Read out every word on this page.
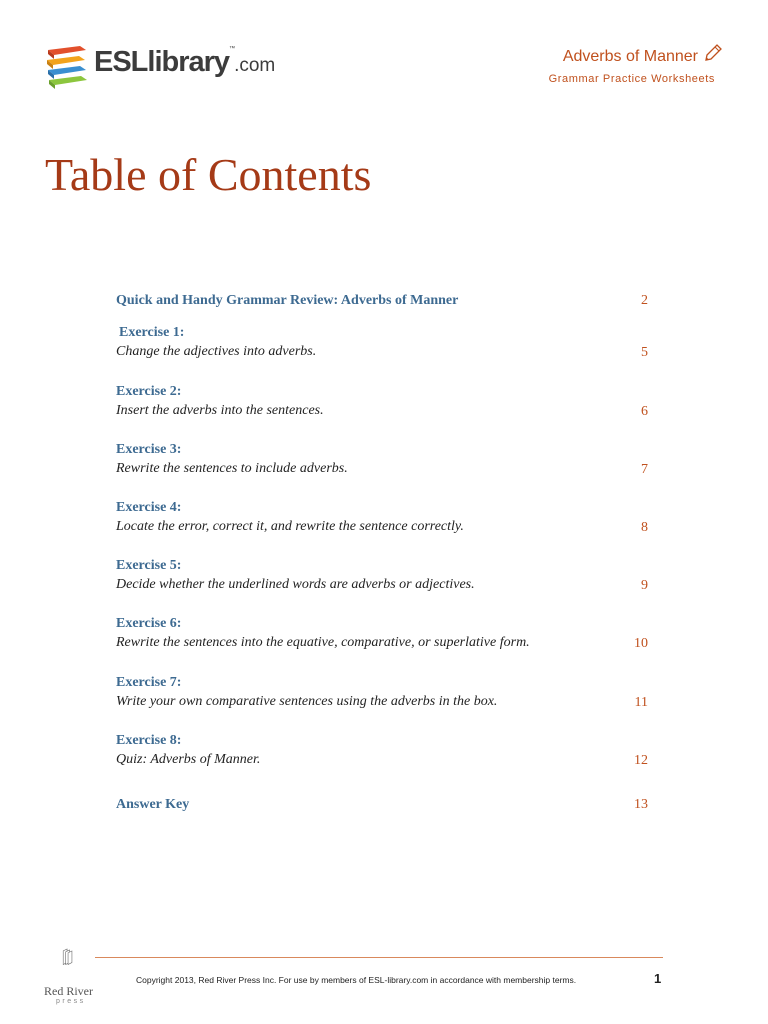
ESLlibrary™.com	Adverbs of Manner
Grammar Practice Worksheets
Table of Contents
Quick and Handy Grammar Review: Adverbs of Manner	2
Exercise 1:
Change the adjectives into adverbs.	5
Exercise 2:
Insert the adverbs into the sentences.	6
Exercise 3:
Rewrite the sentences to include adverbs.	7
Exercise 4:
Locate the error, correct it, and rewrite the sentence correctly.	8
Exercise 5:
Decide whether the underlined words are adverbs or adjectives.	9
Exercise 6:
Rewrite the sentences into the equative, comparative, or superlative form.	10
Exercise 7:
Write your own comparative sentences using the adverbs in the box.	11
Exercise 8:
Quiz: Adverbs of Manner.	12
Answer Key	13
Red River
press
Copyright 2013, Red River Press Inc. For use by members of ESL-library.com in accordance with membership terms.	1
